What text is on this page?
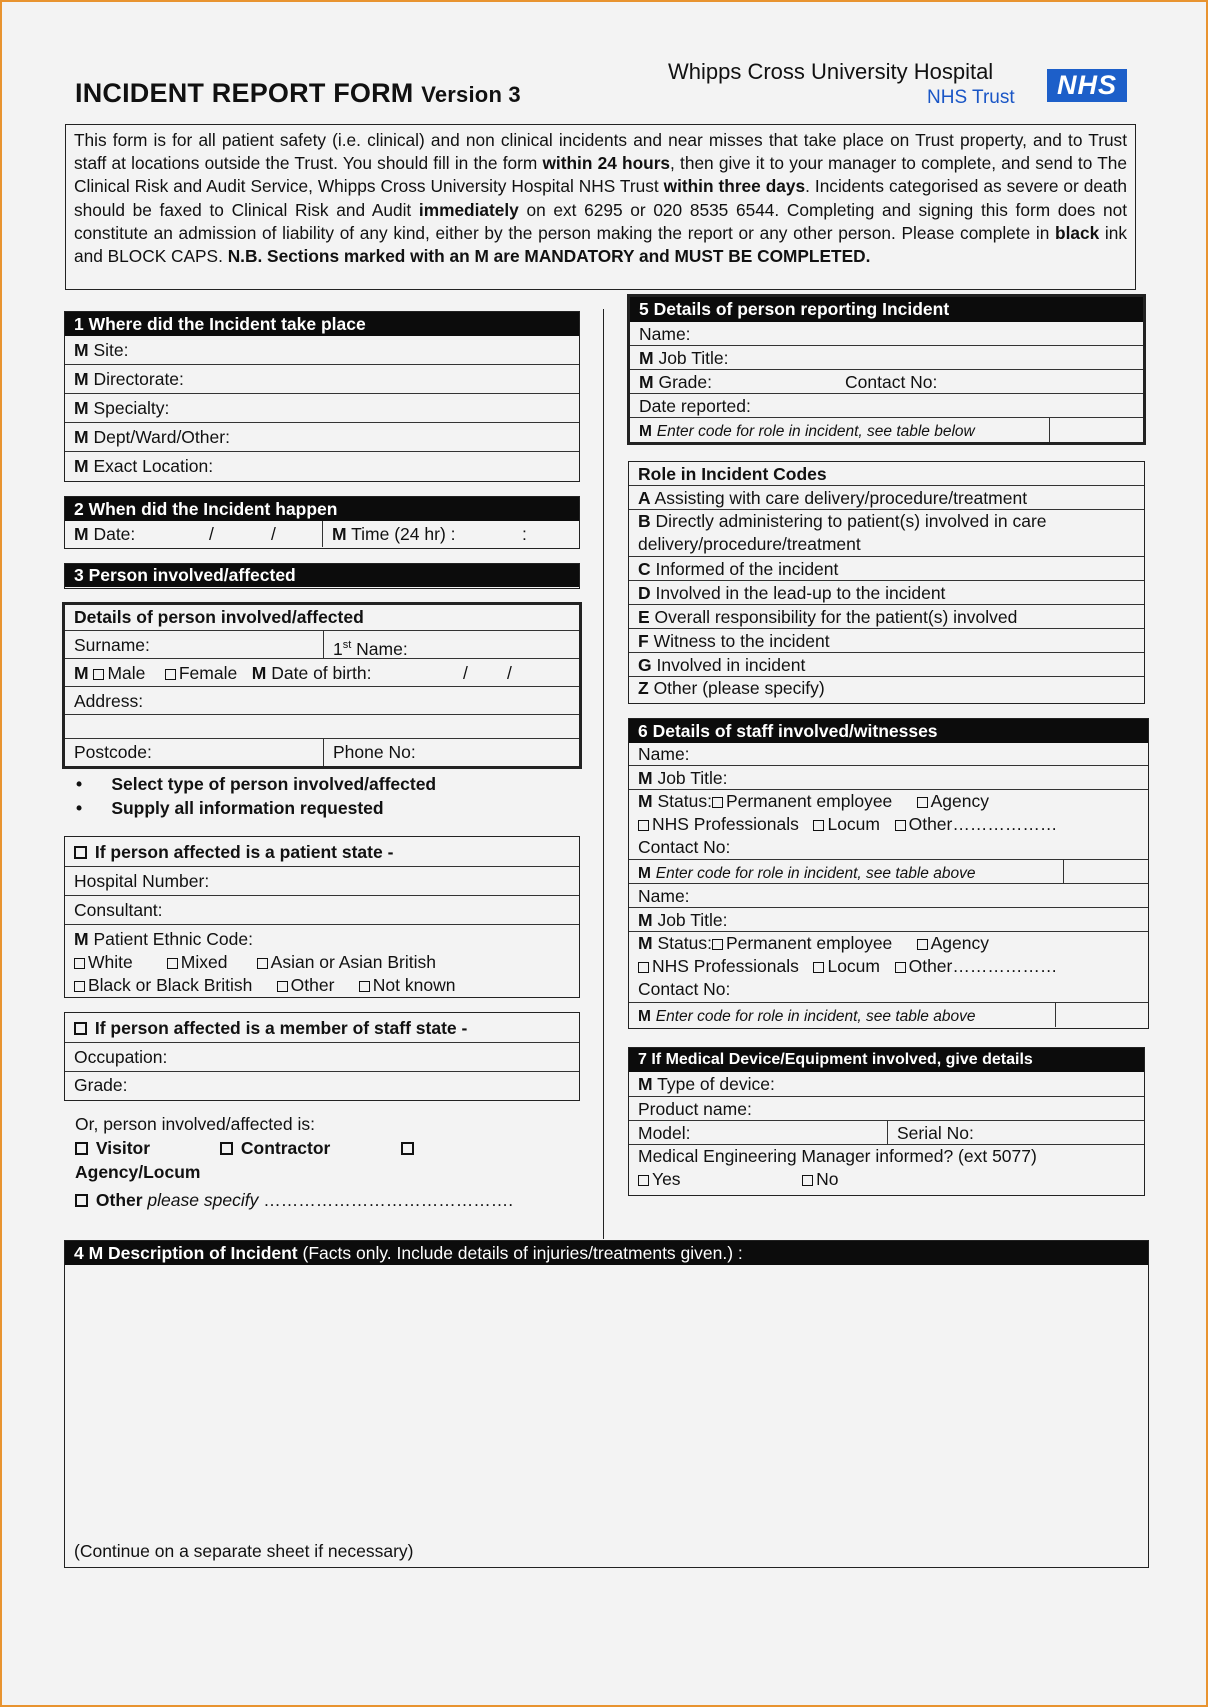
INCIDENT REPORT FORM Version 3
Whipps Cross University Hospital
NHS Trust	NHS
This form is for all patient safety (i.e. clinical) and non clinical incidents and near misses that take place on Trust property, and to Trust staff at locations outside the Trust. You should fill in the form within 24 hours, then give it to your manager to complete, and send to The Clinical Risk and Audit Service, Whipps Cross University Hospital NHS Trust within three days. Incidents categorised as severe or death should be faxed to Clinical Risk and Audit immediately on ext 6295 or 020 8535 6544. Completing and signing this form does not constitute an admission of liability of any kind, either by the person making the report or any other person. Please complete in black ink and BLOCK CAPS. N.B. Sections marked with an M are MANDATORY and MUST BE COMPLETED.
1 Where did the Incident take place
M Site:
M Directorate:
M Specialty:
M Dept/Ward/Other:
M Exact Location:
2 When did the Incident happen
M Date:	/	/	M Time (24 hr) :	:
3 Person involved/affected
Details of person involved/affected
Surname:	1st Name:
M Male Female M Date of birth:	/ /
Address:
Postcode:	Phone No:
•      Select type of person involved/affected
•      Supply all information requested
If person affected is a patient state -
Hospital Number:
Consultant:
M Patient Ethnic Code:
White	Mixed Asian or Asian British
Black or Black British Other Not known
If person affected is a member of staff state -
Occupation:
Grade:
Or, person involved/affected is:
Visitor	Contractor
Agency/Locum
Other please specify …………………………………….
5 Details of person reporting Incident
Name:
M Job Title:
M Grade:	Contact No:
Date reported:
M Enter code for role in incident, see table below
Role in Incident Codes
A Assisting with care delivery/procedure/treatment
B Directly administering to patient(s) involved in care
delivery/procedure/treatment
C Informed of the incident
D Involved in the lead-up to the incident
E Overall responsibility for the patient(s) involved
F Witness to the incident
G Involved in incident
Z Other (please specify)
6 Details of staff involved/witnesses
Name:
M Job Title:
M Status: Permanent employee Agency
NHS Professionals Locum Other………………
Contact No:
M Enter code for role in incident, see table above
Name:
M Job Title:
M Status: Permanent employee Agency
NHS Professionals Locum Other………………
Contact No:
M Enter code for role in incident, see table above
7 If Medical Device/Equipment involved, give details
M Type of device:
Product name:
Model:	Serial No:
Medical Engineering Manager informed? (ext 5077)
Yes	No
4 M Description of Incident (Facts only. Include details of injuries/treatments given.) :
(Continue on a separate sheet if necessary)
